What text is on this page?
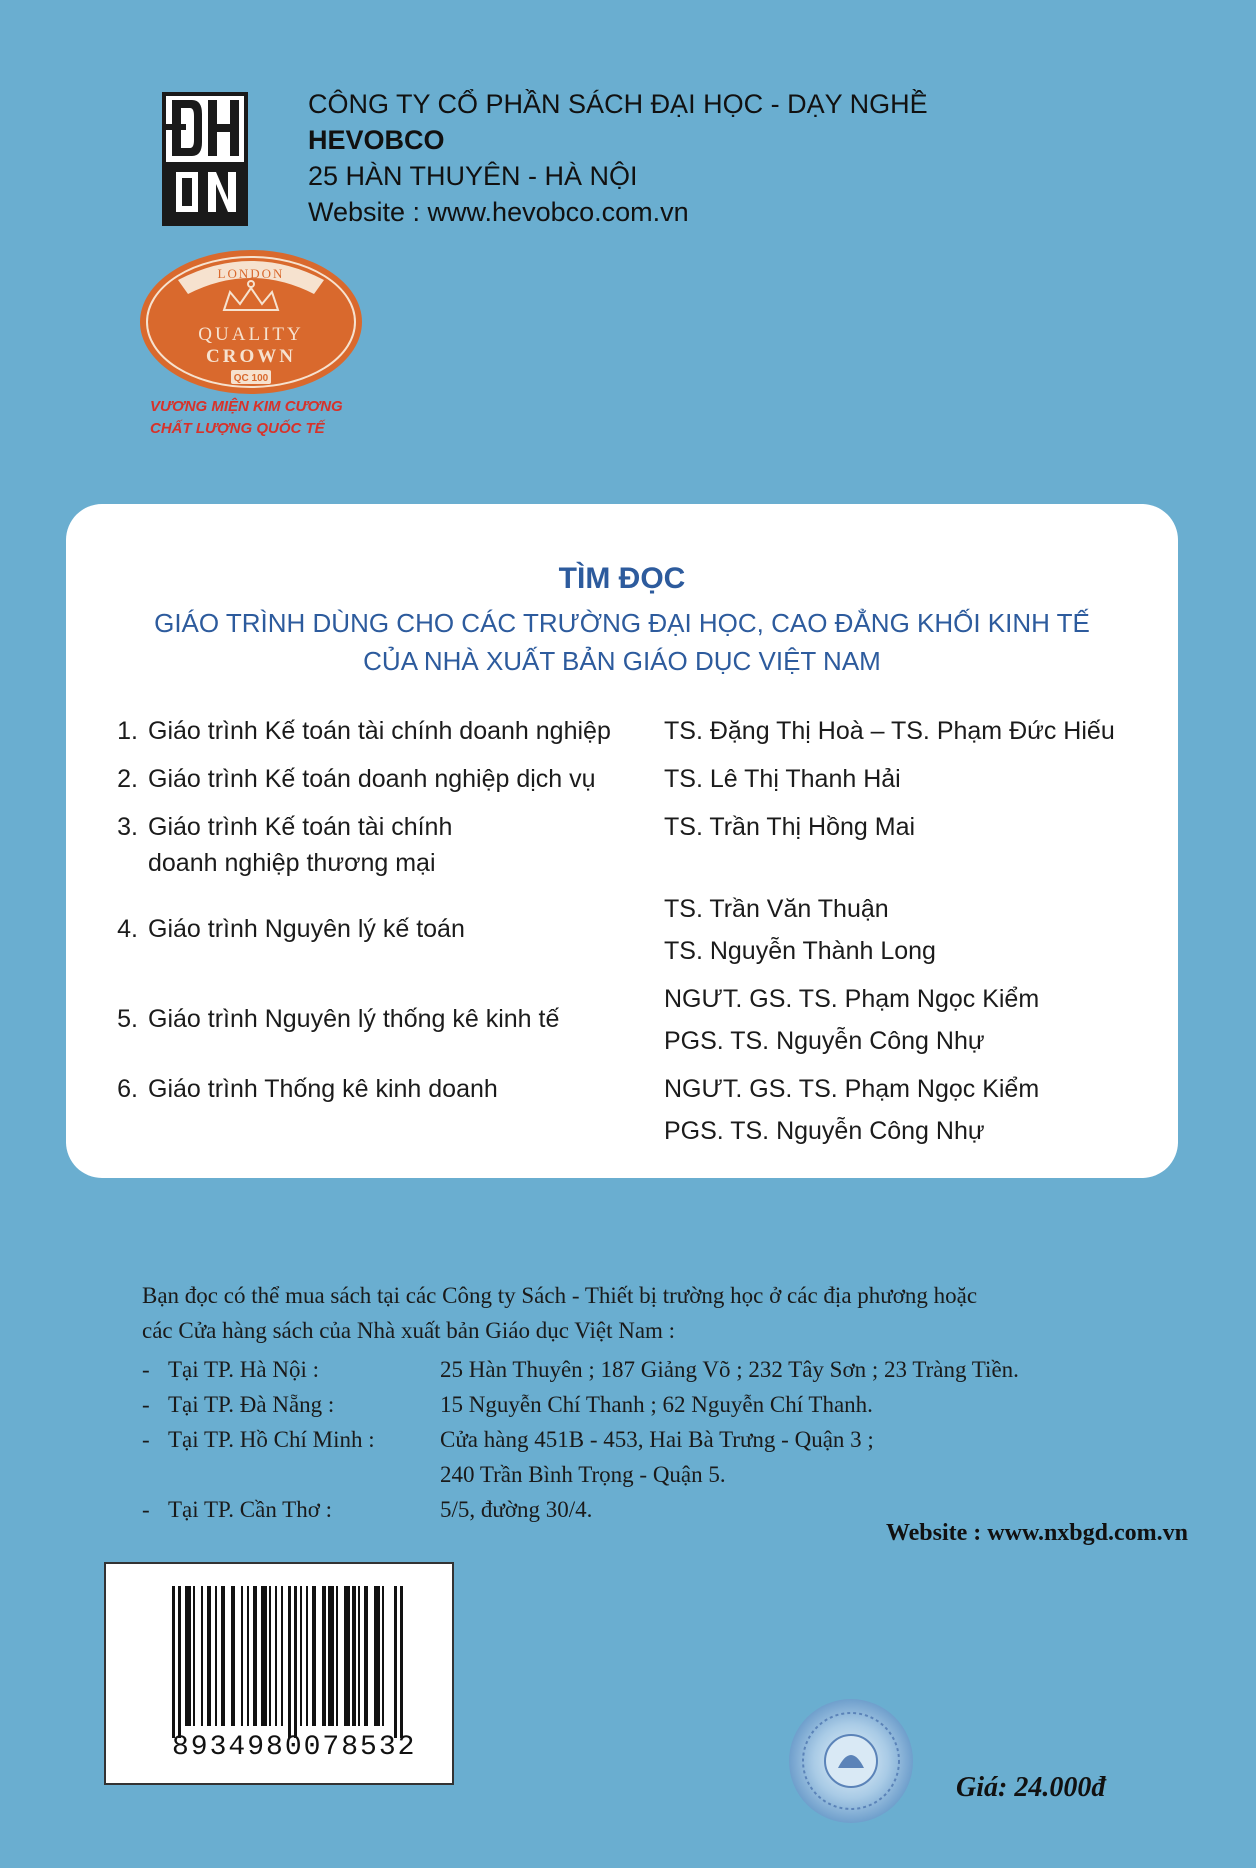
CÔNG TY CỔ PHẦN SÁCH ĐẠI HỌC - DẠY NGHỀ
HEVOBCO
25 HÀN THUYÊN - HÀ NỘI
Website : www.hevobco.com.vn
LONDON
QUALITY
CROWN
QC 100
VƯƠNG MIỆN KIM CƯƠNG
CHẤT LƯỢNG QUỐC TẾ
TÌM ĐỌC
GIÁO TRÌNH DÙNG CHO CÁC TRƯỜNG ĐẠI HỌC, CAO ĐẲNG KHỐI KINH TẾ
CỦA NHÀ XUẤT BẢN GIÁO DỤC VIỆT NAM
1. Giáo trình Kế toán tài chính doanh nghiệp TS. Đặng Thị Hoà – TS. Phạm Đức Hiếu
2. Giáo trình Kế toán doanh nghiệp dịch vụ	TS. Lê Thị Thanh Hải
3. Giáo trình Kế toán tài chính
doanh nghiệp thương mại
TS. Trần Thị Hồng Mai
4. Giáo trình Nguyên lý kế toán
TS. Trần Văn Thuận
TS. Nguyễn Thành Long
5. Giáo trình Nguyên lý thống kê kinh tế
NGƯT. GS. TS. Phạm Ngọc Kiểm
PGS. TS. Nguyễn Công Nhự
6. Giáo trình Thống kê kinh doanh	NGƯT. GS. TS. Phạm Ngọc Kiểm
PGS. TS. Nguyễn Công Nhự
Bạn đọc có thể mua sách tại các Công ty Sách - Thiết bị trường học ở các địa phương hoặc
các Cửa hàng sách của Nhà xuất bản Giáo dục Việt Nam :
- Tại TP. Hà Nội :	25 Hàn Thuyên ; 187 Giảng Võ ; 232 Tây Sơn ; 23 Tràng Tiền.
- Tại TP. Đà Nẵng :	15 Nguyễn Chí Thanh ; 62 Nguyễn Chí Thanh.
- Tại TP. Hồ Chí Minh :	Cửa hàng 451B - 453, Hai Bà Trưng - Quận 3 ;
240 Trần Bình Trọng - Quận 5.
- Tại TP. Cần Thơ :	5/5, đường 30/4.
Website : www.nxbgd.com.vn
8934980078532
Giá: 24.000đ
